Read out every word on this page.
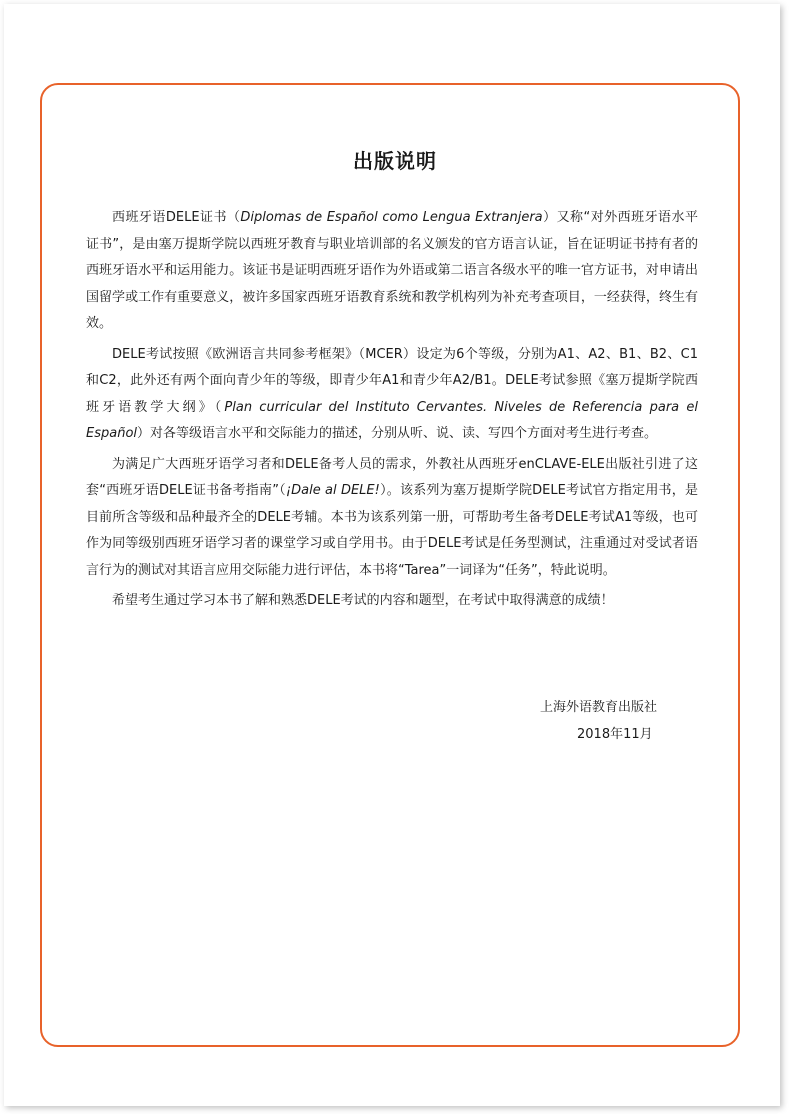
出版说明

西班牙语DELE证书（Diplomas de Español como Lengua Extranjera）又称“对外西班牙语水平证书”，是由塞万提斯学院以西班牙教育与职业培训部的名义颁发的官方语言认证，旨在证明证书持有者的西班牙语水平和运用能力。该证书是证明西班牙语作为外语或第二语言各级水平的唯一官方证书，对申请出国留学或工作有重要意义，被许多国家西班牙语教育系统和教学机构列为补充考查项目，一经获得，终生有效。

DELE考试按照《欧洲语言共同参考框架》（MCER）设定为6个等级，分别为A1、A2、B1、B2、C1和C2，此外还有两个面向青少年的等级，即青少年A1和青少年A2/B1。DELE考试参照《塞万提斯学院西班牙语教学大纲》（Plan curricular del Instituto Cervantes. Niveles de Referencia para el Español）对各等级语言水平和交际能力的描述，分别从听、说、读、写四个方面对考生进行考查。

为满足广大西班牙语学习者和DELE备考人员的需求，外教社从西班牙enCLAVE-ELE出版社引进了这套“西班牙语DELE证书备考指南”（¡Dale al DELE!）。该系列为塞万提斯学院DELE考试官方指定用书，是目前所含等级和品种最齐全的DELE考辅。本书为该系列第一册，可帮助考生备考DELE考试A1等级，也可作为同等级别西班牙语学习者的课堂学习或自学用书。由于DELE考试是任务型测试，注重通过对受试者语言行为的测试对其语言应用交际能力进行评估，本书将“Tarea”一词译为“任务”，特此说明。

希望考生通过学习本书了解和熟悉DELE考试的内容和题型，在考试中取得满意的成绩！

上海外语教育出版社
2018年11月
